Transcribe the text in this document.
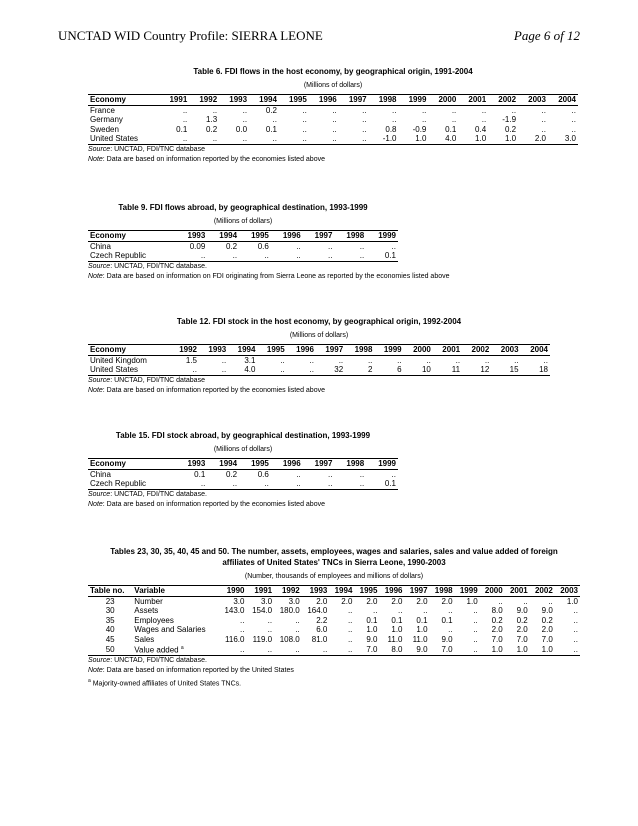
UNCTAD WID Country Profile: SIERRA LEONE	Page 6 of 12
Table 6. FDI flows in the host economy, by geographical origin, 1991-2004
(Millions of dollars)
Economy	1991	1992	1993	1994	1995	1996	1997	1998	1999	2000	2001	2002	2003	2004
France	..	..	..	0.2	..	..	..	..	..	..	..	..	..	..
Germany	..	1.3	..	..	..	..	..	..	..	..	..	-1.9	..	..
Sweden	0.1	0.2	0.0	0.1	..	..	..	0.8	-0.9	0.1	0.4	0.2	..	..
United States	..	..	..	..	..	..	..	-1.0	1.0	4.0	1.0	1.0	2.0	3.0
Source: UNCTAD, FDI/TNC database
Note: Data are based on information reported by the economies listed above
Table 9. FDI flows abroad, by geographical destination, 1993-1999
(Millions of dollars)
Economy	1993	1994	1995	1996	1997	1998	1999
China	0.09	0.2	0.6	..	..	..	..
Czech Republic	..	..	..	..	..	..	0.1
Source: UNCTAD, FDI/TNC database.
Note: Data are based on information on FDI originating from Sierra Leone as reported by the economies listed above
Table 12. FDI stock in the host economy, by geographical origin, 1992-2004
(Millions of dollars)
Economy	1992	1993	1994	1995	1996	1997	1998	1999	2000	2001	2002	2003	2004
United Kingdom	1.5	..	3.1	..	..	..	..	..	..	..	..	..	..
United States	..	..	4.0	..	..	32	2	6	10	11	12	15	18
Source: UNCTAD, FDI/TNC database
Note: Data are based on information reported by the economies listed above
Table 15. FDI stock abroad, by geographical destination, 1993-1999
(Millions of dollars)
Economy	1993	1994	1995	1996	1997	1998	1999
China	0.1	0.2	0.6	..	..	..	..
Czech Republic	..	..	..	..	..	..	0.1
Source: UNCTAD, FDI/TNC database.
Note: Data are based on information reported by the economies listed above
Tables 23, 30, 35, 40, 45 and 50. The number, assets, employees, wages and salaries, sales and value added of foreign
affiliates of United States' TNCs in Sierra Leone, 1990-2003
(Number, thousands of employees and millions of dollars)
Table no.	Variable	1990	1991	1992	1993	1994	1995	1996	1997	1998	1999	2000	2001	2002	2003
23	Number	3.0	3.0	3.0	2.0	2.0	2.0	2.0	2.0	2.0	1.0	..	..	..	1.0
30	Assets	143.0	154.0	180.0	164.0	..	..	..	..	..	..	8.0	9.0	9.0	..
35	Employees	..	..	..	2.2	..	0.1	0.1	0.1	0.1	..	0.2	0.2	0.2	..
40	Wages and Salaries	..	..	..	6.0	..	1.0	1.0	1.0	..	..	2.0	2.0	2.0	..
45	Sales	116.0	119.0	108.0	81.0	..	9.0	11.0	11.0	9.0	..	7.0	7.0	7.0	..
50	Value added $^a$	..	..	..	..	..	7.0	8.0	9.0	7.0	..	1.0	1.0	1.0	..
Source: UNCTAD, FDI/TNC database.
Note: Data are based on information reported by the United States
$^a$ Majority-owned affiliates of United States TNCs.
